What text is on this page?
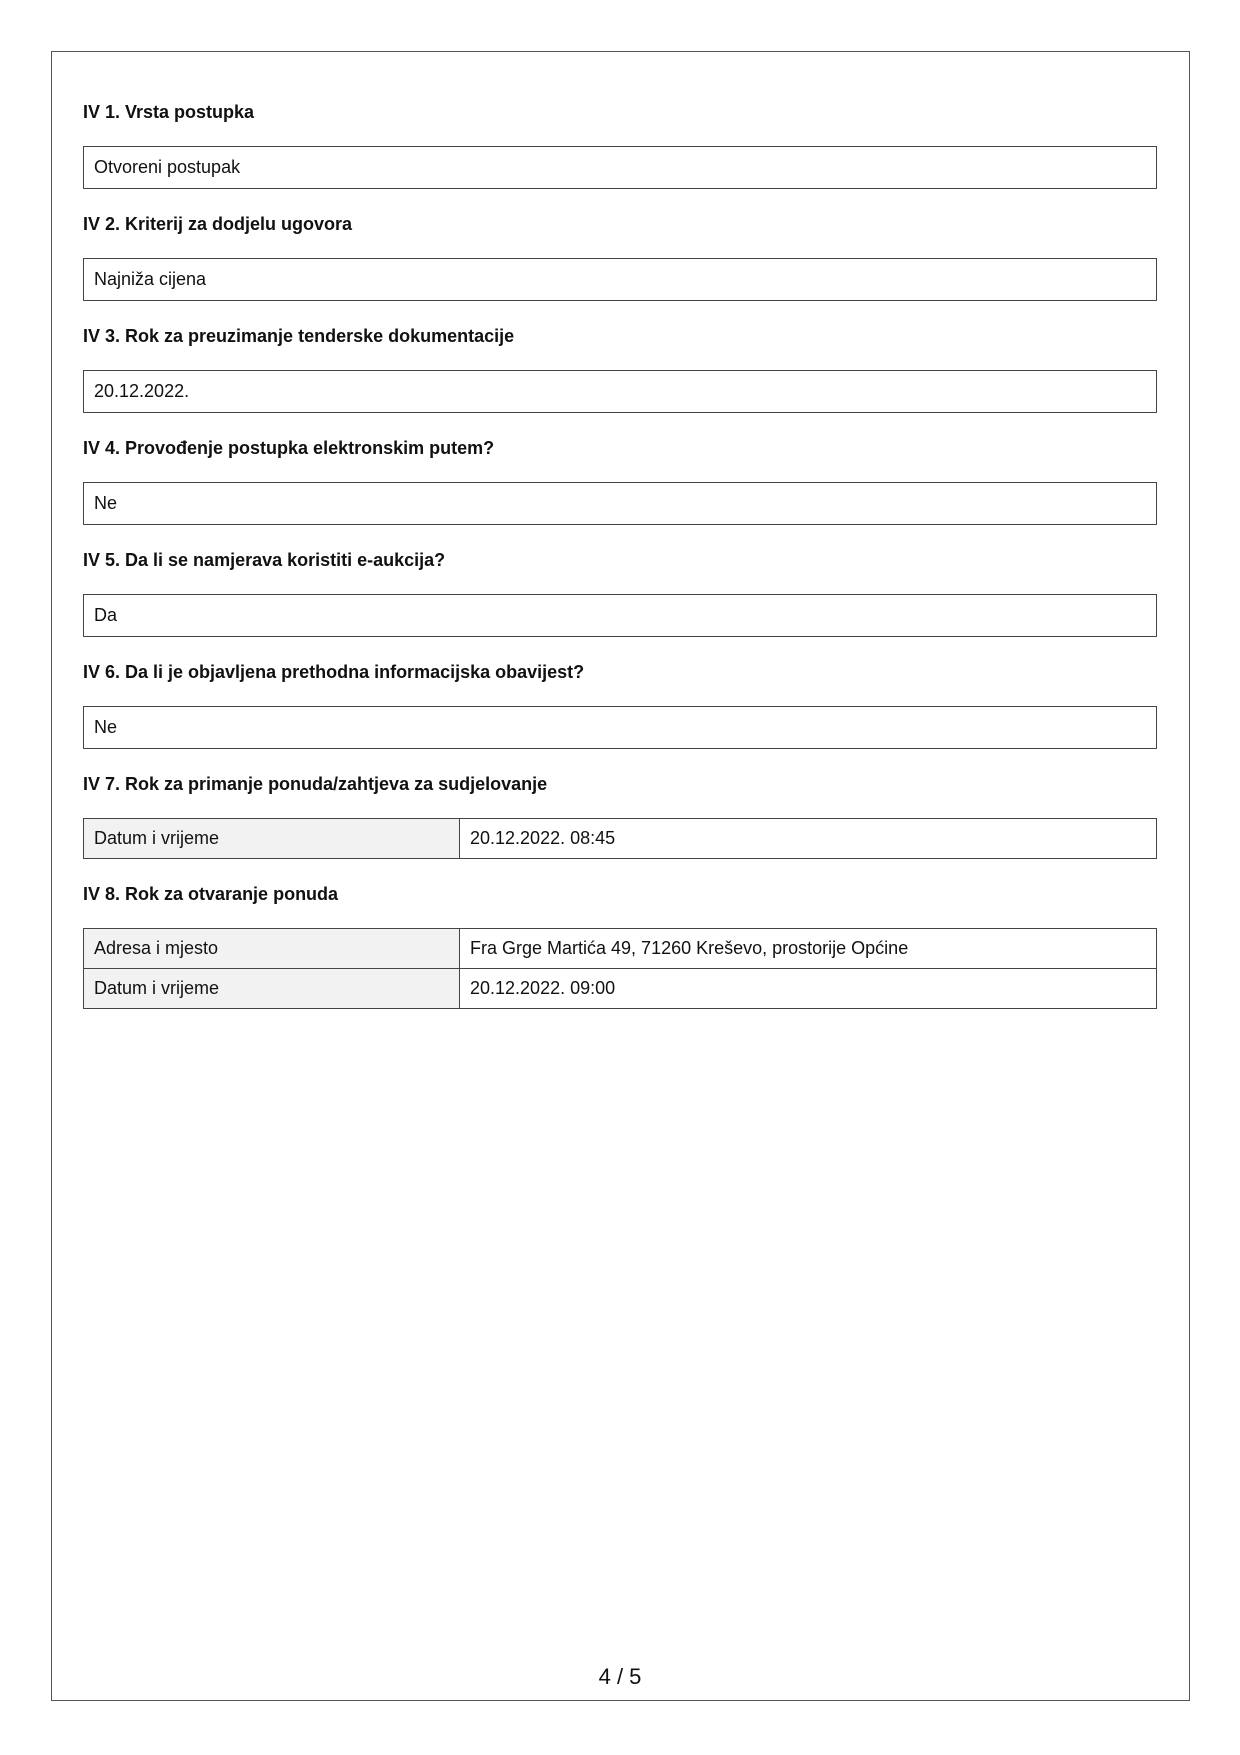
IV 1. Vrsta postupka
Otvoreni postupak
IV 2. Kriterij za dodjelu ugovora
Najniža cijena
IV 3. Rok za preuzimanje tenderske dokumentacije
20.12.2022.
IV 4. Provođenje postupka elektronskim putem?
Ne
IV 5. Da li se namjerava koristiti e-aukcija?
Da
IV 6. Da li je objavljena prethodna informacijska obavijest?
Ne
IV 7. Rok za primanje ponuda/zahtjeva za sudjelovanje
Datum i vrijeme	20.12.2022. 08:45
IV 8. Rok za otvaranje ponuda
Adresa i mjesto	Fra Grge Martića 49, 71260 Kreševo, prostorije Općine
Datum i vrijeme	20.12.2022. 09:00
4 / 5
